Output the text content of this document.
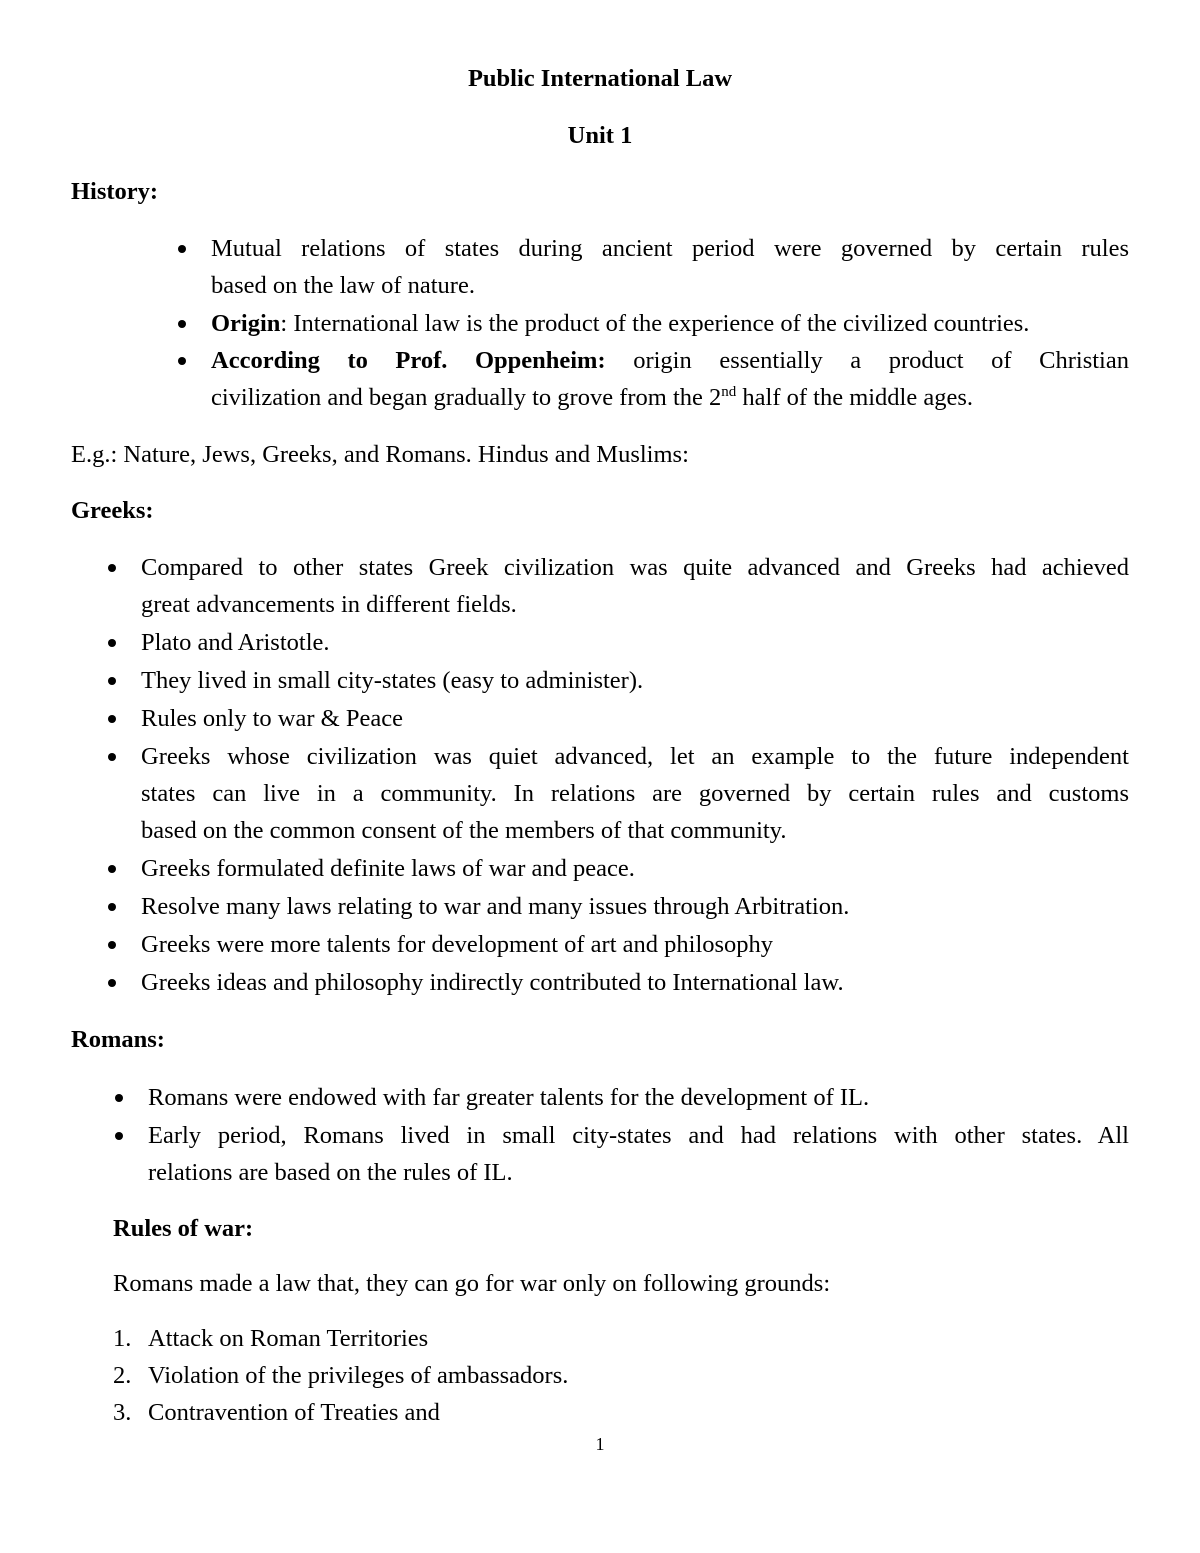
Public International Law

Unit 1

History:

Mutual relations of states during ancient period were governed by certain rules

based on the law of nature.

Origin: International law is the product of the experience of the civilized countries.

According to Prof. Oppenheim: origin essentially a product of Christian

civilization and began gradually to grove from the 2nd half of the middle ages.

E.g.: Nature, Jews, Greeks, and Romans. Hindus and Muslims:

Greeks:

Compared to other states Greek civilization was quite advanced and Greeks had achieved

great advancements in different fields.

Plato and Aristotle.

They lived in small city-states (easy to administer).

Rules only to war & Peace

Greeks whose civilization was quiet advanced, let an example to the future independent

states can live in a community. In relations are governed by certain rules and customs

based on the common consent of the members of that community.

Greeks formulated definite laws of war and peace.

Resolve many laws relating to war and many issues through Arbitration.

Greeks were more talents for development of art and philosophy

Greeks ideas and philosophy indirectly contributed to International law.

Romans:

Romans were endowed with far greater talents for the development of IL.

Early period, Romans lived in small city-states and had relations with other states. All

relations are based on the rules of IL.

Rules of war:

Romans made a law that, they can go for war only on following grounds:

1. Attack on Roman Territories

2. Violation of the privileges of ambassadors.

3. Contravention of Treaties and

1
